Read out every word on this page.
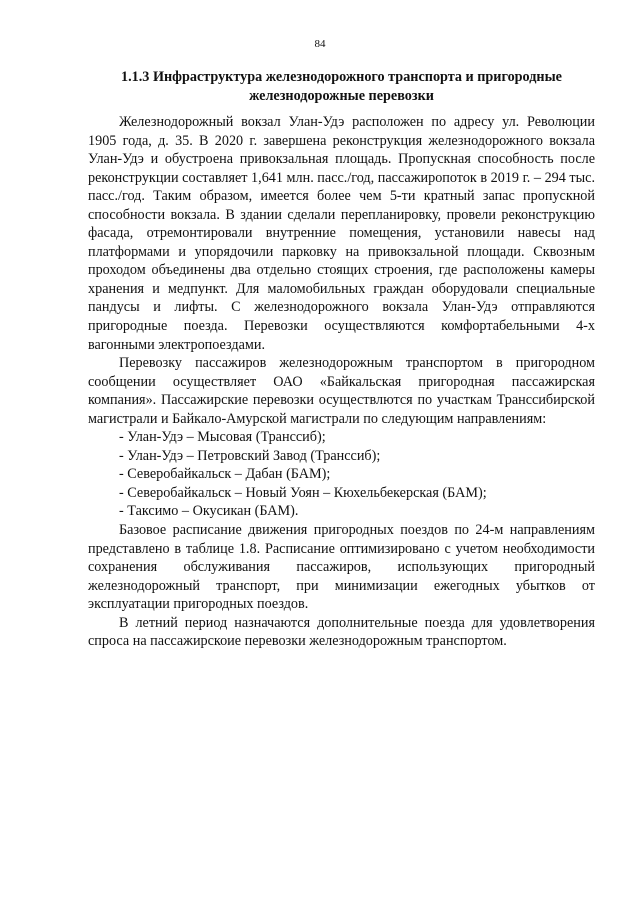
84
1.1.3 Инфраструктура железнодорожного транспорта и пригородные
железнодорожные перевозки

Железнодорожный вокзал Улан-Удэ расположен по адресу ул. Революции 1905 года, д. 35. В 2020 г. завершена реконструкция железнодорожного вокзала Улан-Удэ и обустроена привокзальная площадь. Пропускная способность после реконструкции составляет 1,641 млн. пасс./год, пассажиропоток в 2019 г. – 294 тыс. пасс./год. Таким образом, имеется более чем 5-ти кратный запас пропускной способности вокзала. В здании сделали перепланировку, провели реконструкцию фасада, отремонтировали внутренние помещения, установили навесы над платформами и упорядочили парковку на привокзальной площади. Сквозным проходом объединены два отдельно стоящих строения, где расположены камеры хранения и медпункт. Для маломобильных граждан оборудовали специальные пандусы и лифты. С железнодорожного вокзала Улан-Удэ отправляются пригородные поезда. Перевозки осуществляются комфортабельными 4-х вагонными электропоездами.

Перевозку пассажиров железнодорожным транспортом в пригородном сообщении осуществляет ОАО «Байкальская пригородная пассажирская компания». Пассажирские перевозки осуществлются по участкам Транссибирской магистрали и Байкало-Амурской магистрали по следующим направлениям:

- Улан-Удэ – Мысовая (Транссиб);
- Улан-Удэ – Петровский Завод (Транссиб);
- Северобайкальск – Дабан (БАМ);
- Северобайкальск – Новый Уоян – Кюхельбекерская (БАМ);
- Таксимо – Окусикан (БАМ).

Базовое расписание движения пригородных поездов по 24-м направлениям представлено в таблице 1.8. Расписание оптимизировано с учетом необходимости сохранения обслуживания пассажиров, использующих пригородный железнодорожный транспорт, при минимизации ежегодных убытков от эксплуатации пригородных поездов.

В летний период назначаются дополнительные поезда для удовлетворения спроса на пассажирскоие перевозки железнодорожным транспортом.
